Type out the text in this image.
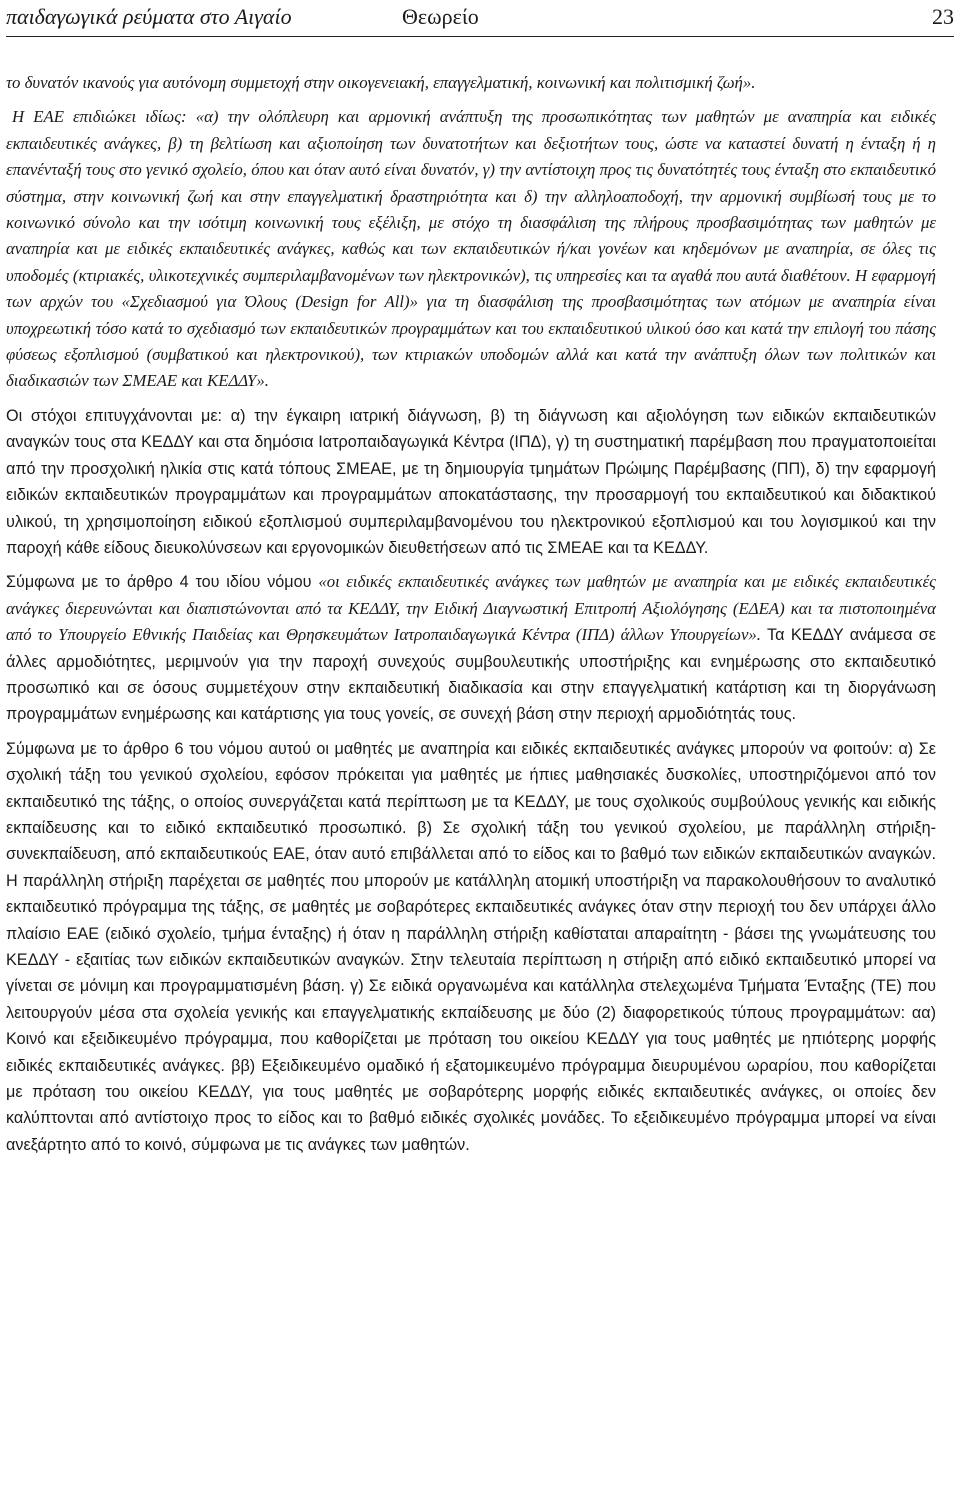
παιδαγωγικά ρεύματα στο Αιγαίο	Θεωρείο	23

το δυνατόν ικανούς για αυτόνομη συμμετοχή στην οικογενειακή, επαγγελματική, κοινωνική και πολιτισμική ζωή».

Η ΕΑΕ επιδιώκει ιδίως: «α) την ολόπλευρη και αρμονική ανάπτυξη της προσωπικότητας των μαθητών με αναπηρία και ειδικές εκπαιδευτικές ανάγκες, β) τη βελτίωση και αξιοποίηση των δυνατοτήτων και δεξιοτήτων τους, ώστε να καταστεί δυνατή η ένταξη ή η επανένταξή τους στο γενικό σχολείο, όπου και όταν αυτό είναι δυνατόν, γ) την αντίστοιχη προς τις δυνατότητές τους ένταξη στο εκπαιδευτικό σύστημα, στην κοινωνική ζωή και στην επαγγελματική δραστηριότητα και δ) την αλληλοαποδοχή, την αρμονική συμβίωσή τους με το κοινωνικό σύνολο και την ισότιμη κοινωνική τους εξέλιξη, με στόχο τη διασφάλιση της πλήρους προσβασιμότητας των μαθητών με αναπηρία και με ειδικές εκπαιδευτικές ανάγκες, καθώς και των εκπαιδευτικών ή/και γονέων και κηδεμόνων με αναπηρία, σε όλες τις υποδομές (κτιριακές, υλικοτεχνικές συμπεριλαμβανομένων των ηλεκτρονικών), τις υπηρεσίες και τα αγαθά που αυτά διαθέτουν. Η εφαρμογή των αρχών του «Σχεδιασμού για Όλους (Design for All)» για τη διασφάλιση της προσβασιμότητας των ατόμων με αναπηρία είναι υποχρεωτική τόσο κατά το σχεδιασμό των εκπαιδευτικών προγραμμάτων και του εκπαιδευτικού υλικού όσο και κατά την επιλογή του πάσης φύσεως εξοπλισμού (συμβατικού και ηλεκτρονικού), των κτιριακών υποδομών αλλά και κατά την ανάπτυξη όλων των πολιτικών και διαδικασιών των ΣΜΕΑΕ και ΚΕΔΔΥ».

Οι στόχοι επιτυγχάνονται με: α) την έγκαιρη ιατρική διάγνωση, β) τη διάγνωση και αξιολόγηση των ειδικών εκπαιδευτικών αναγκών τους στα ΚΕΔΔΥ και στα δημόσια Ιατροπαιδαγωγικά Κέντρα (ΙΠΔ), γ) τη συστηματική παρέμβαση που πραγματοποιείται από την προσχολική ηλικία στις κατά τόπους ΣΜΕΑΕ, με τη δημιουργία τμημάτων Πρώιμης Παρέμβασης (ΠΠ), δ) την εφαρμογή ειδικών εκπαιδευτικών προγραμμάτων και προγραμμάτων αποκατάστασης, την προσαρμογή του εκπαιδευτικού και διδακτικού υλικού, τη χρησιμοποίηση ειδικού εξοπλισμού συμπεριλαμβανομένου του ηλεκτρονικού εξοπλισμού και του λογισμικού και την παροχή κάθε είδους διευκολύνσεων και εργονομικών διευθετήσεων από τις ΣΜΕΑΕ και τα ΚΕΔΔΥ.

Σύμφωνα με το άρθρο 4 του ιδίου νόμου «οι ειδικές εκπαιδευτικές ανάγκες των μαθητών με αναπηρία και με ειδικές εκπαιδευτικές ανάγκες διερευνώνται και διαπιστώνονται από τα ΚΕΔΔΥ, την Ειδική Διαγνωστική Επιτροπή Αξιολόγησης (ΕΔΕΑ) και τα πιστοποιημένα από το Υπουργείο Εθνικής Παιδείας και Θρησκευμάτων Ιατροπαιδαγωγικά Κέντρα (ΙΠΔ) άλλων Υπουργείων». Τα ΚΕΔΔΥ ανάμεσα σε άλλες αρμοδιότητες, μεριμνούν για την παροχή συνεχούς συμβουλευτικής υποστήριξης και ενημέρωσης στο εκπαιδευτικό προσωπικό και σε όσους συμμετέχουν στην εκπαιδευτική διαδικασία και στην επαγγελματική κατάρτιση και τη διοργάνωση προγραμμάτων ενημέρωσης και κατάρτισης για τους γονείς, σε συνεχή βάση στην περιοχή αρμοδιότητάς τους.

Σύμφωνα με το άρθρο 6 του νόμου αυτού οι μαθητές με αναπηρία και ειδικές εκπαιδευτικές ανάγκες μπορούν να φοιτούν: α) Σε σχολική τάξη του γενικού σχολείου, εφόσον πρόκειται για μαθητές με ήπιες μαθησιακές δυσκολίες, υποστηριζόμενοι από τον εκπαιδευτικό της τάξης, ο οποίος συνεργάζεται κατά περίπτωση με τα ΚΕΔΔΥ, με τους σχολικούς συμβούλους γενικής και ειδικής εκπαίδευσης και το ειδικό εκπαιδευτικό προσωπικό. β) Σε σχολική τάξη του γενικού σχολείου, με παράλληλη στήριξη-συνεκπαίδευση, από εκπαιδευτικούς ΕΑΕ, όταν αυτό επιβάλλεται από το είδος και το βαθμό των ειδικών εκπαιδευτικών αναγκών. Η παράλληλη στήριξη παρέχεται σε μαθητές που μπορούν με κατάλληλη ατομική υποστήριξη να παρακολουθήσουν το αναλυτικό εκπαιδευτικό πρόγραμμα της τάξης, σε μαθητές με σοβαρότερες εκπαιδευτικές ανάγκες όταν στην περιοχή του δεν υπάρχει άλλο πλαίσιο ΕΑΕ (ειδικό σχολείο, τμήμα ένταξης) ή όταν η παράλληλη στήριξη καθίσταται απαραίτητη - βάσει της γνωμάτευσης του ΚΕΔΔΥ - εξαιτίας των ειδικών εκπαιδευτικών αναγκών. Στην τελευταία περίπτωση η στήριξη από ειδικό εκπαιδευτικό μπορεί να γίνεται σε μόνιμη και προγραμματισμένη βάση. γ) Σε ειδικά οργανωμένα και κατάλληλα στελεχωμένα Τμήματα Ένταξης (ΤΕ) που λειτουργούν μέσα στα σχολεία γενικής και επαγγελματικής εκπαίδευσης με δύο (2) διαφορετικούς τύπους προγραμμάτων: αα) Κοινό και εξειδικευμένο πρόγραμμα, που καθορίζεται με πρόταση του οικείου ΚΕΔΔΥ για τους μαθητές με ηπιότερης μορφής ειδικές εκπαιδευτικές ανάγκες. ββ) Εξειδικευμένο ομαδικό ή εξατομικευμένο πρόγραμμα διευρυμένου ωραρίου, που καθορίζεται με πρόταση του οικείου ΚΕΔΔΥ, για τους μαθητές με σοβαρότερης μορφής ειδικές εκπαιδευτικές ανάγκες, οι οποίες δεν καλύπτονται από αντίστοιχο προς το είδος και το βαθμό ειδικές σχολικές μονάδες. Το εξειδικευμένο πρόγραμμα μπορεί να είναι ανεξάρτητο από το κοινό, σύμφωνα με τις ανάγκες των μαθητών.
